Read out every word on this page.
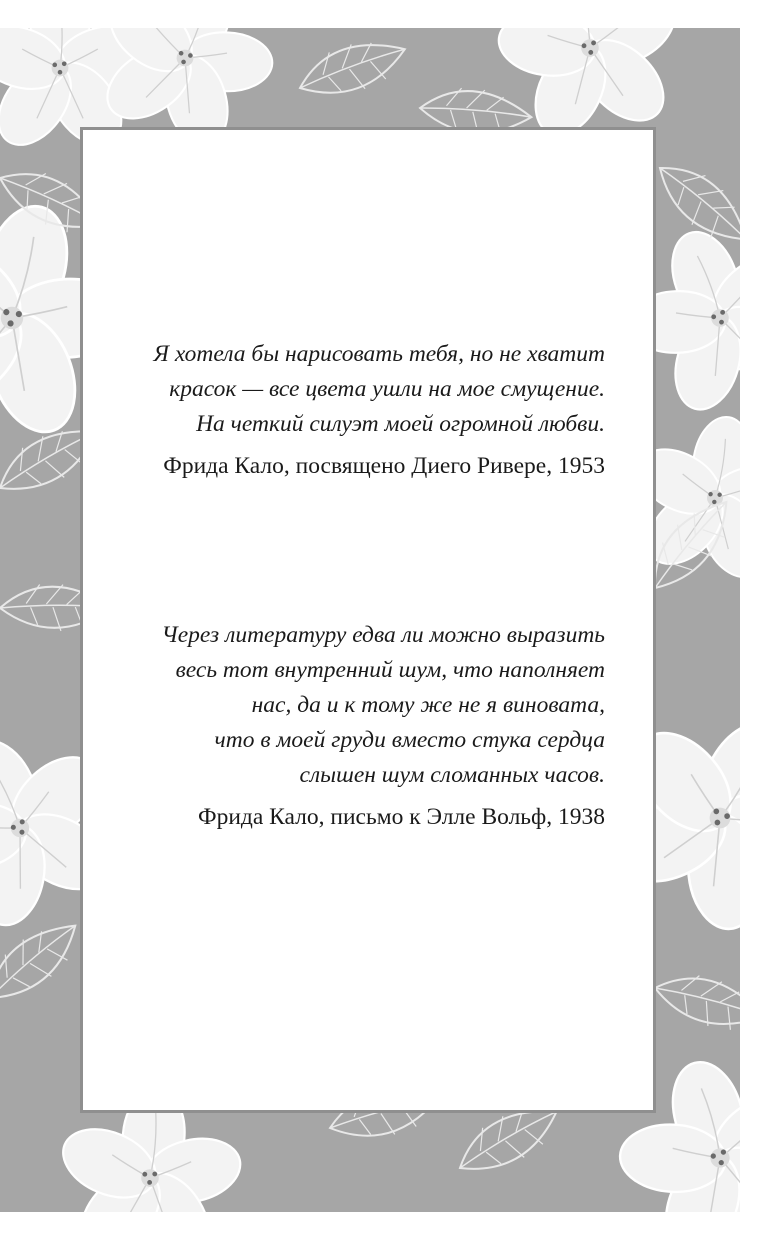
Я хотела бы нарисовать тебя, но не хватит
красок — все цвета ушли на мое смущение.
На четкий силуэт моей огромной любви.
Фрида Кало, посвящено Диего Ривере, 1953
Через литературу едва ли можно выразить
весь тот внутренний шум, что наполняет
нас, да и к тому же не я виновата,
что в моей груди вместо стука сердца
слышен шум сломанных часов.
Фрида Кало, письмо к Элле Вольф, 1938
